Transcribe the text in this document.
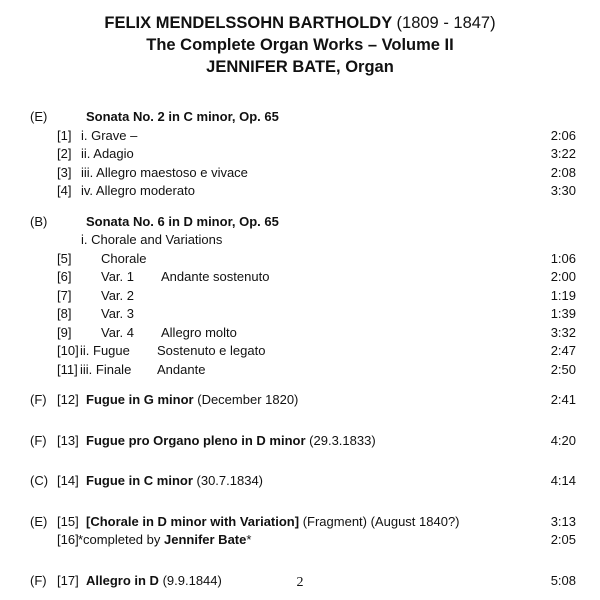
FELIX MENDELSSOHN BARTHOLDY (1809 - 1847)
The Complete Organ Works – Volume II
JENNIFER BATE, Organ
(E)	Sonata No. 2 in C minor, Op. 65
[1] i. Grave –	2:06
[2] ii. Adagio	3:22
[3] iii. Allegro maestoso e vivace	2:08
[4] iv. Allegro moderato	3:30
(B)	Sonata No. 6 in D minor, Op. 65
i. Chorale and Variations
[5] Chorale	1:06
[6] Var. 1 Andante sostenuto	2:00
[7] Var. 2	1:19
[8] Var. 3	1:39
[9] Var. 4 Allegro molto	3:32
[10] ii. Fugue Sostenuto e legato	2:47
[11] iii. Finale Andante	2:50
(F) [12] Fugue in G minor (December 1820)	2:41
(F) [13] Fugue pro Organo pleno in D minor (29.3.1833)	4:20
(C) [14] Fugue in C minor (30.7.1834)	4:14
(E) [15] [Chorale in D minor with Variation] (Fragment) (August 1840?)	3:13
[16] *completed by Jennifer Bate*	2:05
(F) [17] Allegro in D (9.9.1844)	5:08
2
